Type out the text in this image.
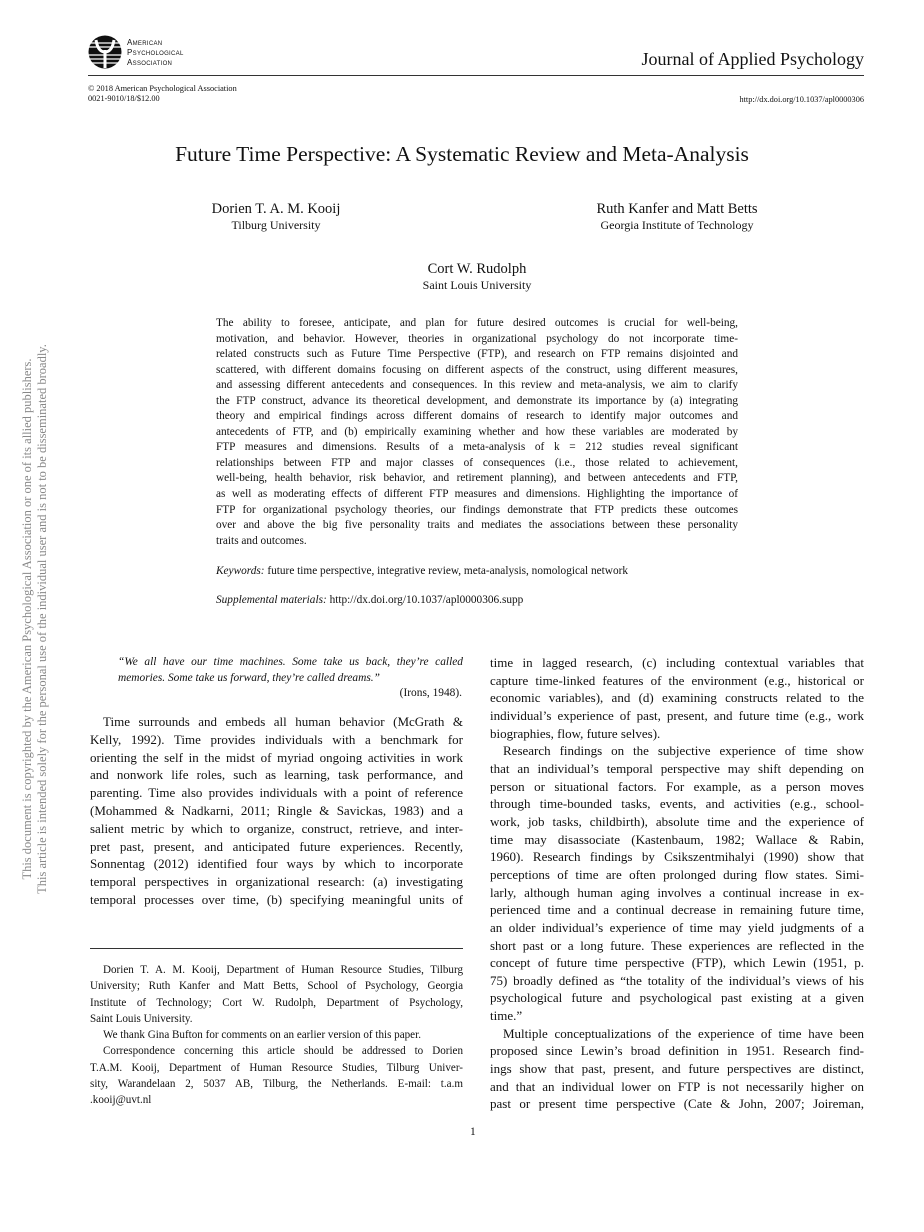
American
Psychological
Association	Journal of Applied Psychology
© 2018 American Psychological Association
0021-9010/18/$12.00	http://dx.doi.org/10.1037/apl0000306
Future Time Perspective: A Systematic Review and Meta-Analysis
Dorien T. A. M. Kooij
Tilburg University
Ruth Kanfer and Matt Betts
Georgia Institute of Technology
Cort W. Rudolph
Saint Louis University
The ability to foresee, anticipate, and plan for future desired outcomes is crucial for well-being,
motivation, and behavior. However, theories in organizational psychology do not incorporate time-
related constructs such as Future Time Perspective (FTP), and research on FTP remains disjointed and
scattered, with different domains focusing on different aspects of the construct, using different measures,
and assessing different antecedents and consequences. In this review and meta-analysis, we aim to clarify
the FTP construct, advance its theoretical development, and demonstrate its importance by (a) integrating
theory and empirical findings across different domains of research to identify major outcomes and
antecedents of FTP, and (b) empirically examining whether and how these variables are moderated by
FTP measures and dimensions. Results of a meta-analysis of k = 212 studies reveal significant
relationships between FTP and major classes of consequences (i.e., those related to achievement,
well-being, health behavior, risk behavior, and retirement planning), and between antecedents and FTP,
as well as moderating effects of different FTP measures and dimensions. Highlighting the importance of
FTP for organizational psychology theories, our findings demonstrate that FTP predicts these outcomes
over and above the big five personality traits and mediates the associations between these personality
traits and outcomes.
Keywords: future time perspective, integrative review, meta-analysis, nomological network
Supplemental materials: http://dx.doi.org/10.1037/apl0000306.supp
“We all have our time machines. Some take us back, they’re called
memories. Some take us forward, they’re called dreams.”
(Irons, 1948).
Time surrounds and embeds all human behavior (McGrath &
Kelly, 1992). Time provides individuals with a benchmark for
orienting the self in the midst of myriad ongoing activities in work
and nonwork life roles, such as learning, task performance, and
parenting. Time also provides individuals with a point of reference
(Mohammed & Nadkarni, 2011; Ringle & Savickas, 1983) and a
salient metric by which to organize, construct, retrieve, and inter-
pret past, present, and anticipated future experiences. Recently,
Sonnentag (2012) identified four ways by which to incorporate
temporal perspectives in organizational research: (a) investigating
temporal processes over time, (b) specifying meaningful units of​
Dorien T. A. M. Kooij, Department of Human Resource Studies, Tilburg
University; Ruth Kanfer and Matt Betts, School of Psychology, Georgia
Institute of Technology; Cort W. Rudolph, Department of Psychology,
Saint Louis University.
We thank Gina Bufton for comments on an earlier version of this paper.
Correspondence concerning this article should be addressed to Dorien
T.A.M. Kooij, Department of Human Resource Studies, Tilburg Univer-
sity, Warandelaan 2, 5037 AB, Tilburg, the Netherlands. E-mail: t.a.m
.kooij@uvt.nl
time in lagged research, (c) including contextual variables that
capture time-linked features of the environment (e.g., historical or
economic variables), and (d) examining constructs related to the
individual’s experience of past, present, and future time (e.g., work
biographies, flow, future selves).
Research findings on the subjective experience of time show
that an individual’s temporal perspective may shift depending on
person or situational factors. For example, as a person moves
through time-bounded tasks, events, and activities (e.g., school-
work, job tasks, childbirth), absolute time and the experience of
time may disassociate (Kastenbaum, 1982; Wallace & Rabin,
1960). Research findings by Csikszentmihalyi (1990) show that
perceptions of time are often prolonged during flow states. Simi-
larly, although human aging involves a continual increase in ex-
perienced time and a continual decrease in remaining future time,
an older individual’s experience of time may yield judgments of a
short past or a long future. These experiences are reflected in the
concept of future time perspective (FTP), which Lewin (1951, p.
75) broadly defined as “the totality of the individual’s views of his
psychological future and psychological past existing at a given
time.”
Multiple conceptualizations of the experience of time have been
proposed since Lewin’s broad definition in 1951. Research find-
ings show that past, present, and future perspectives are distinct,
and that an individual lower on FTP is not necessarily higher on
past or present time perspective (Cate & John, 2007; Joireman,​
1
This document is copyrighted by the American Psychological Association or one of its allied publishers. This article is intended solely for the personal use of the individual user and is not to be disseminated broadly.
